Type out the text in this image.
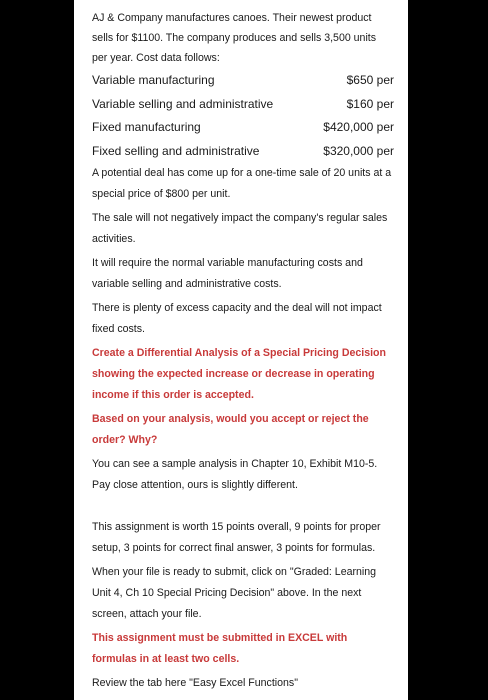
AJ & Company manufactures canoes. Their newest product sells for $1100. The company produces and sells 3,500 units per year. Cost data follows:

Variable manufacturing	$650 per
Variable selling and administrative	$160 per
Fixed manufacturing	$420,000 per
Fixed selling and administrative	$320,000 per

A potential deal has come up for a one-time sale of 20 units at a special price of $800 per unit.

The sale will not negatively impact the company's regular sales activities.

It will require the normal variable manufacturing costs and variable selling and administrative costs.

There is plenty of excess capacity and the deal will not impact fixed costs.

Create a Differential Analysis of a Special Pricing Decision showing the expected increase or decrease in operating income if this order is accepted.

Based on your analysis, would you accept or reject the order? Why?

You can see a sample analysis in Chapter 10, Exhibit M10-5. Pay close attention, ours is slightly different.

This assignment is worth 15 points overall, 9 points for proper setup, 3 points for correct final answer, 3 points for formulas.

When your file is ready to submit, click on "Graded: Learning Unit 4, Ch 10 Special Pricing Decision" above. In the next screen, attach your file.

This assignment must be submitted in EXCEL with formulas in at least two cells.

Review the tab here "Easy Excel Functions"
